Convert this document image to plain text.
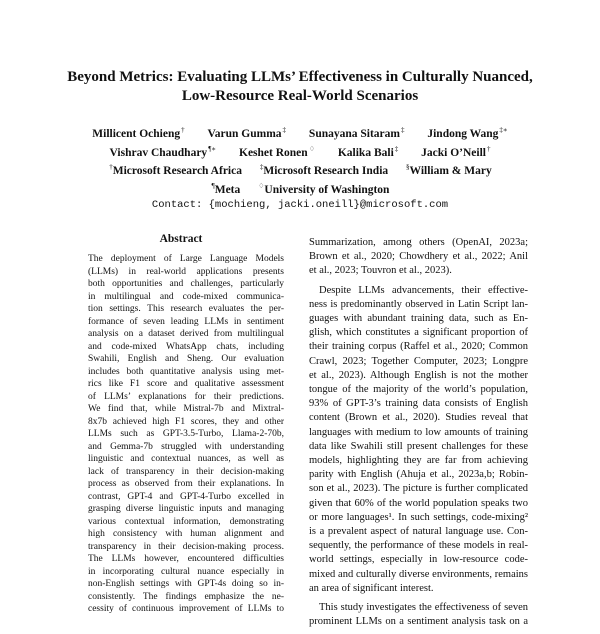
Beyond Metrics: Evaluating LLMs’ Effectiveness in Culturally Nuanced,
Low-Resource Real-World Scenarios
Millicent Ochieng† Varun Gumma‡ Sunayana Sitaram‡ Jindong Wang‡∗
Vishrav Chaudhary¶∗ Keshet Ronen♢ Kalika Bali‡ Jacki O’Neill†
†Microsoft Research Africa	‡Microsoft Research India	§William & Mary
¶Meta	♢University of Washington
Contact: {mochieng, jacki.oneill}@microsoft.com
Abstract
The deployment of Large Language Models
(LLMs) in real-world applications presents
both opportunities and challenges, particularly
in multilingual and code-mixed communica-
tion settings. This research evaluates the per-
formance of seven leading LLMs in sentiment
analysis on a dataset derived from multilingual
and code-mixed WhatsApp chats, including
Swahili, English and Sheng. Our evaluation
includes both quantitative analysis using met-
rics like F1 score and qualitative assessment
of LLMs’ explanations for their predictions.
We find that, while Mistral-7b and Mixtral-
8x7b achieved high F1 scores, they and other
LLMs such as GPT-3.5-Turbo, Llama-2-70b,
and Gemma-7b struggled with understanding
linguistic and contextual nuances, as well as
lack of transparency in their decision-making
process as observed from their explanations. In
contrast, GPT-4 and GPT-4-Turbo excelled in
grasping diverse linguistic inputs and managing
various contextual information, demonstrating
high consistency with human alignment and
transparency in their decision-making process.
The LLMs however, encountered difficulties
in incorporating cultural nuance especially in
non-English settings with GPT-4s doing so in-
consistently. The findings emphasize the ne-
cessity of continuous improvement of LLMs to
Summarization, among others (OpenAI, 2023a;
Brown et al., 2020; Chowdhery et al., 2022; Anil
et al., 2023; Touvron et al., 2023).
Despite LLMs advancements, their effective-
ness is predominantly observed in Latin Script lan-
guages with abundant training data, such as En-
glish, which constitutes a significant proportion of
their training corpus (Raffel et al., 2020; Common
Crawl, 2023; Together Computer, 2023; Longpre
et al., 2023). Although English is not the mother
tongue of the majority of the world’s population,
93% of GPT-3’s training data consists of English
content (Brown et al., 2020). Studies reveal that
languages with medium to low amounts of training
data like Swahili still present challenges for these
models, highlighting they are far from achieving
parity with English (Ahuja et al., 2023a,b; Robin-
son et al., 2023). The picture is further complicated
given that 60% of the world population speaks two
or more languages¹. In such settings, code-mixing²
is a prevalent aspect of natural language use. Con-
sequently, the performance of these models in real-
world settings, especially in low-resource code-
mixed and culturally diverse environments, remains
an area of significant interest.
This study investigates the effectiveness of seven
prominent LLMs on a sentiment analysis task on a
